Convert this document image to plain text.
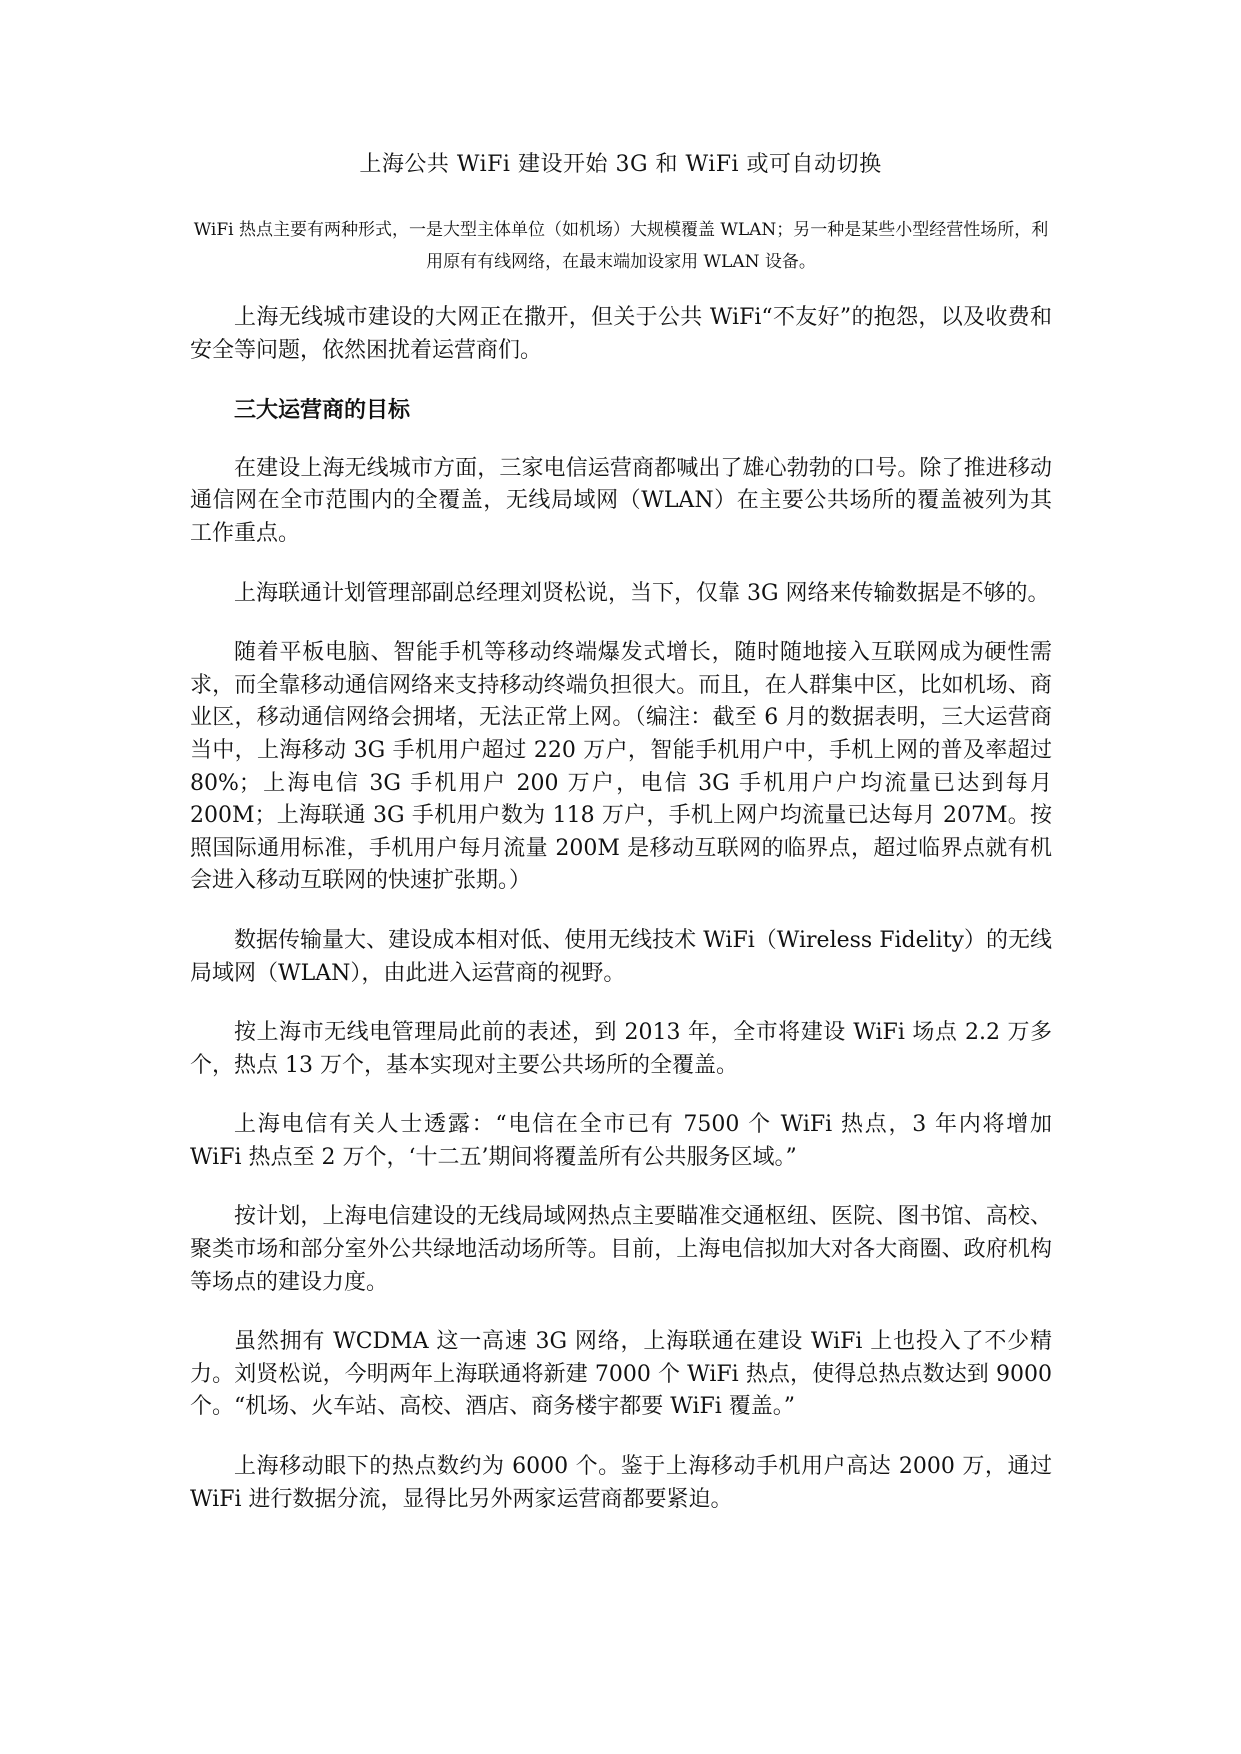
上海公共 WiFi 建设开始 3G 和 WiFi 或可自动切换

WiFi 热点主要有两种形式，一是大型主体单位（如机场）大规模覆盖 WLAN；另一种是某些小型经营性场所，利用原有有线网络，在最末端加设家用 WLAN 设备。

上海无线城市建设的大网正在撒开，但关于公共 WiFi“不友好”的抱怨，以及收费和安全等问题，依然困扰着运营商们。

三大运营商的目标

在建设上海无线城市方面，三家电信运营商都喊出了雄心勃勃的口号。除了推进移动通信网在全市范围内的全覆盖，无线局域网（WLAN）在主要公共场所的覆盖被列为其工作重点。

上海联通计划管理部副总经理刘贤松说，当下，仅靠 3G 网络来传输数据是不够的。

随着平板电脑、智能手机等移动终端爆发式增长，随时随地接入互联网成为硬性需求，而全靠移动通信网络来支持移动终端负担很大。而且，在人群集中区，比如机场、商业区，移动通信网络会拥堵，无法正常上网。（编注：截至 6 月的数据表明，三大运营商当中，上海移动 3G 手机用户超过 220 万户，智能手机用户中，手机上网的普及率超过 80%；上海电信 3G 手机用户 200 万户，电信 3G 手机用户户均流量已达到每月 200M；上海联通 3G 手机用户数为 118 万户，手机上网户均流量已达每月 207M。按照国际通用标准，手机用户每月流量 200M 是移动互联网的临界点，超过临界点就有机会进入移动互联网的快速扩张期。）

数据传输量大、建设成本相对低、使用无线技术 WiFi（Wireless Fidelity）的无线局域网（WLAN），由此进入运营商的视野。

按上海市无线电管理局此前的表述，到 2013 年，全市将建设 WiFi 场点 2.2 万多个，热点 13 万个，基本实现对主要公共场所的全覆盖。

上海电信有关人士透露：“电信在全市已有 7500 个 WiFi 热点，3 年内将增加 WiFi 热点至 2 万个，‘十二五’期间将覆盖所有公共服务区域。”

按计划，上海电信建设的无线局域网热点主要瞄准交通枢纽、医院、图书馆、高校、聚类市场和部分室外公共绿地活动场所等。目前，上海电信拟加大对各大商圈、政府机构等场点的建设力度。

虽然拥有 WCDMA 这一高速 3G 网络，上海联通在建设 WiFi 上也投入了不少精力。刘贤松说，今明两年上海联通将新建 7000 个 WiFi 热点，使得总热点数达到 9000 个。“机场、火车站、高校、酒店、商务楼宇都要 WiFi 覆盖。”

上海移动眼下的热点数约为 6000 个。鉴于上海移动手机用户高达 2000 万，通过 WiFi 进行数据分流，显得比另外两家运营商都要紧迫。
